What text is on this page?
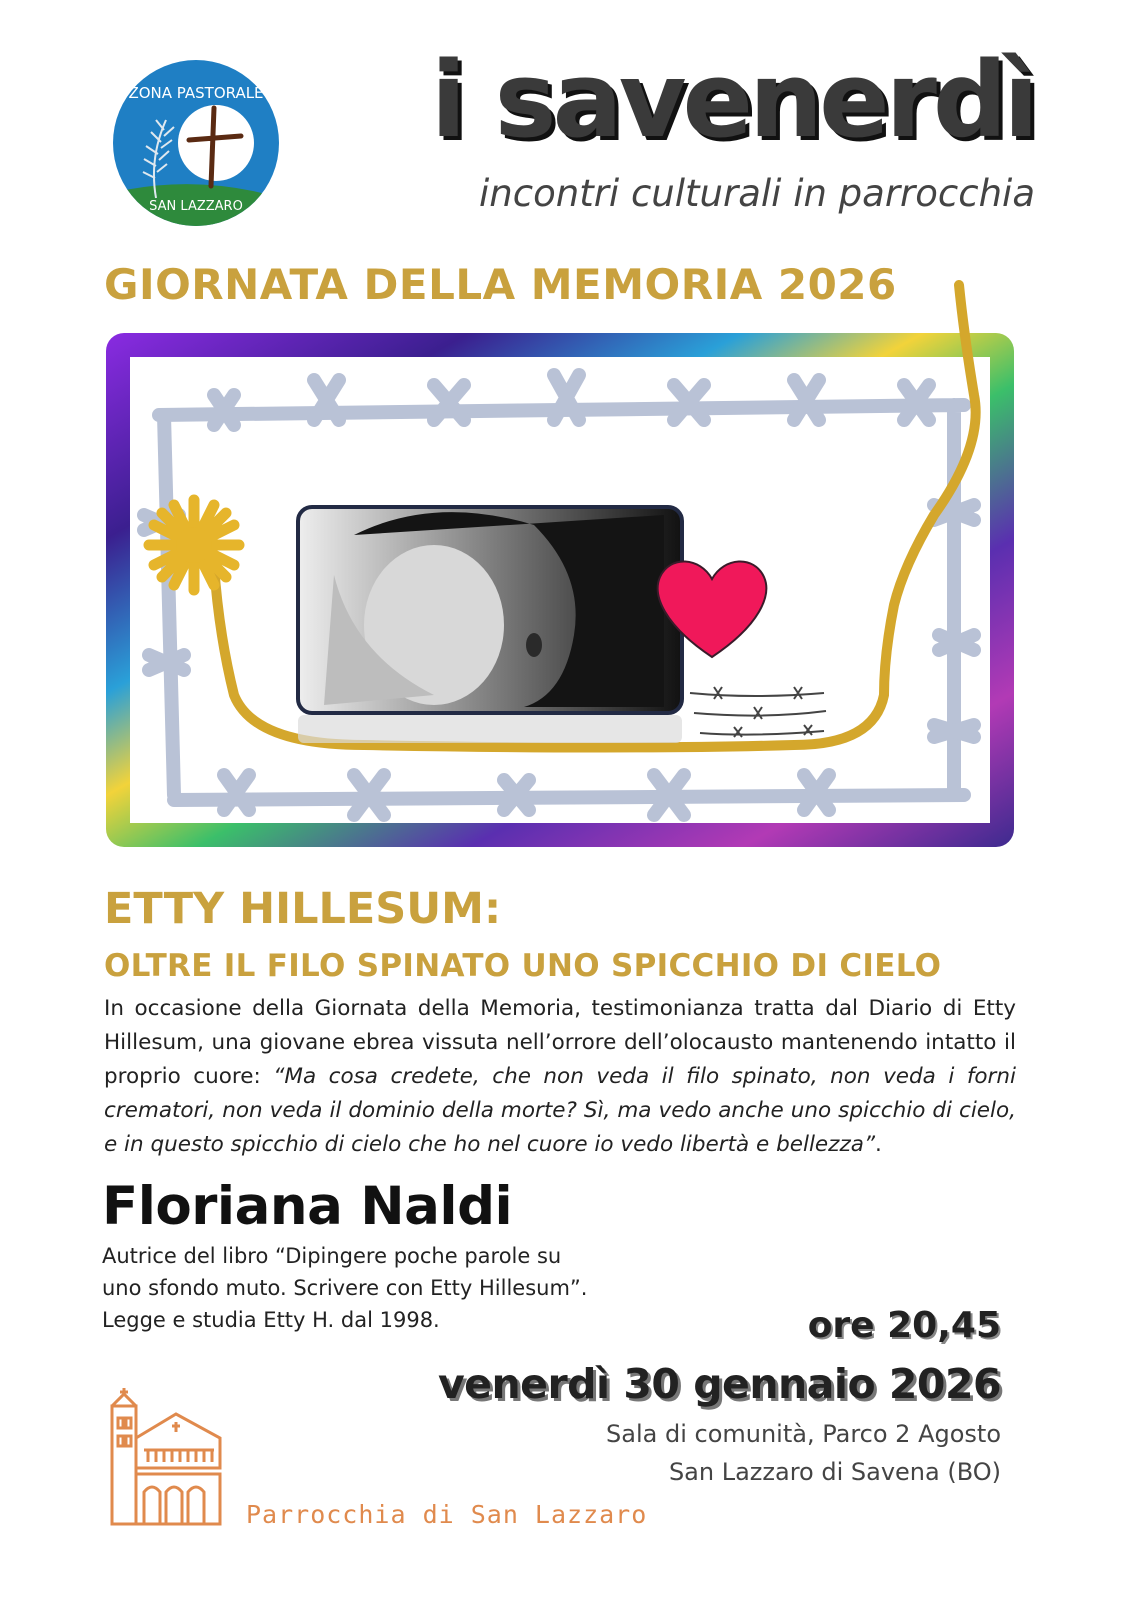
ZONA PASTORALE
SAN LAZZARO
i savenerdì
incontri culturali in parrocchia
GIORNATA DELLA MEMORIA 2026
ETTY HILLESUM:
OLTRE IL FILO SPINATO UNO SPICCHIO DI CIELO
In occasione della Giornata della Memoria, testimonianza tratta dal Diario di Etty Hillesum, una giovane ebrea vissuta nell’orrore dell’olocausto mantenendo intatto il proprio cuore: “Ma cosa credete, che non veda il filo spinato, non veda i forni crematori, non veda il dominio della morte? Sì, ma vedo anche uno spicchio di cielo, e in questo spicchio di cielo che ho nel cuore io vedo libertà e bellezza”.
Floriana Naldi
Autrice del libro “Dipingere poche parole su
uno sfondo muto. Scrivere con Etty Hillesum”.
Legge e studia Etty H. dal 1998.	ore 20,45
venerdì 30 gennaio 2026
Sala di comunità, Parco 2 Agosto
San Lazzaro di Savena (BO)
Parrocchia di San Lazzaro
